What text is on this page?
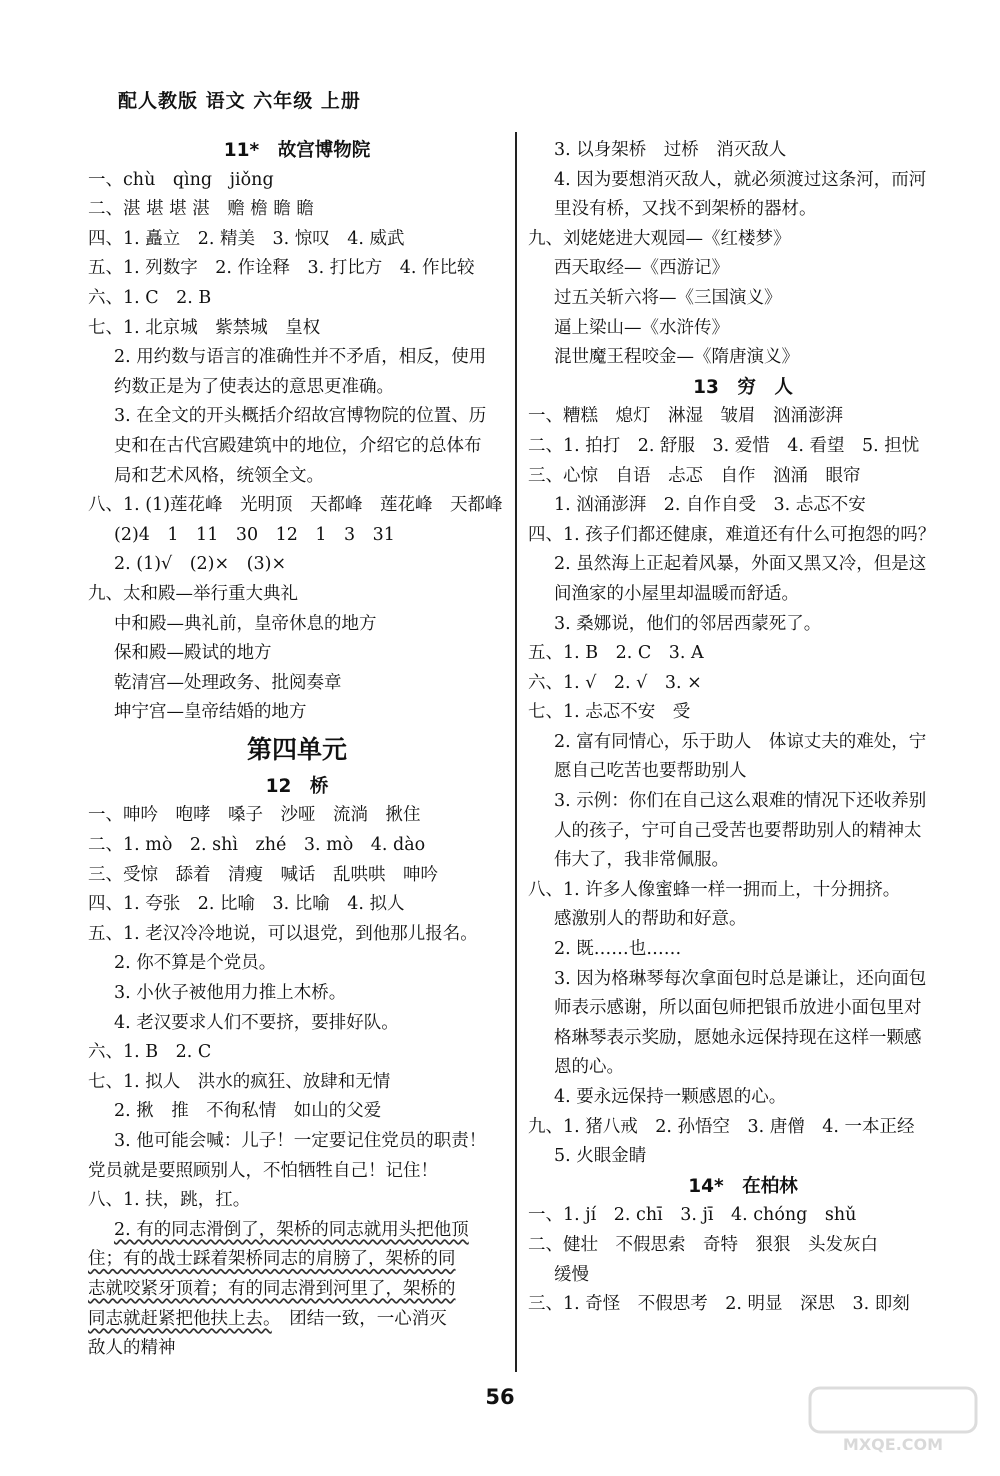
配人教版 语文 六年级 上册
11*　故宫博物院
一、chù　qìng　jiǒng
二、湛 堪 堪 湛　赡 檐 瞻 瞻
四、1. 矗立　2. 精美　3. 惊叹　4. 威武
五、1. 列数字　2. 作诠释　3. 打比方　4. 作比较
六、1. C　2. B
七、1. 北京城　紫禁城　皇权
2. 用约数与语言的准确性并不矛盾，相反，使用
约数正是为了使表达的意思更准确。
3. 在全文的开头概括介绍故宫博物院的位置、历
史和在古代宫殿建筑中的地位，介绍它的总体布
局和艺术风格，统领全文。
八、1. (1)莲花峰　光明顶　天都峰　莲花峰　天都峰
(2)4　1　11　30　12　1　3　31
2. (1)√　(2)×　(3)×
九、太和殿—举行重大典礼
中和殿—典礼前，皇帝休息的地方
保和殿—殿试的地方
乾清宫—处理政务、批阅奏章
坤宁宫—皇帝结婚的地方
第四单元
12　桥
一、呻吟　咆哮　嗓子　沙哑　流淌　揪住
二、1. mò　2. shì　zhé　3. mò　4. dào
三、受惊　舔着　清瘦　喊话　乱哄哄　呻吟
四、1. 夸张　2. 比喻　3. 比喻　4. 拟人
五、1. 老汉冷冷地说，可以退党，到他那儿报名。
2. 你不算是个党员。
3. 小伙子被他用力推上木桥。
4. 老汉要求人们不要挤，要排好队。
六、1. B　2. C
七、1. 拟人　洪水的疯狂、放肆和无情
2. 揪　推　不徇私情　如山的父爱
3. 他可能会喊：儿子！一定要记住党员的职责！
党员就是要照顾别人，不怕牺牲自己！记住！
八、1. 扶，跳，扛。
2. 有的同志滑倒了，架桥的同志就用头把他顶
住；有的战士踩着架桥同志的肩膀了，架桥的同
志就咬紧牙顶着；有的同志滑到河里了，架桥的
同志就赶紧把他扶上去。　团结一致，一心消灭
敌人的精神
3. 以身架桥　过桥　消灭敌人
4. 因为要想消灭敌人，就必须渡过这条河，而河
里没有桥，又找不到架桥的器材。
九、刘姥姥进大观园—《红楼梦》
西天取经—《西游记》
过五关斩六将—《三国演义》
逼上梁山—《水浒传》
混世魔王程咬金—《隋唐演义》
13　穷　人
一、糟糕　熄灯　淋湿　皱眉　汹涌澎湃
二、1. 拍打　2. 舒服　3. 爱惜　4. 看望　5. 担忧
三、心惊　自语　忐忑　自作　汹涌　眼帘
1. 汹涌澎湃　2. 自作自受　3. 忐忑不安
四、1. 孩子们都还健康，难道还有什么可抱怨的吗？
2. 虽然海上正起着风暴，外面又黑又冷，但是这
间渔家的小屋里却温暖而舒适。
3. 桑娜说，他们的邻居西蒙死了。
五、1. B　2. C　3. A
六、1. √　2. √　3. ×
七、1. 忐忑不安　受
2. 富有同情心，乐于助人　体谅丈夫的难处，宁
愿自己吃苦也要帮助别人
3. 示例：你们在自己这么艰难的情况下还收养别
人的孩子，宁可自己受苦也要帮助别人的精神太
伟大了，我非常佩服。
八、1. 许多人像蜜蜂一样一拥而上，十分拥挤。
感激别人的帮助和好意。
2. 既……也……
3. 因为格琳琴每次拿面包时总是谦让，还向面包
师表示感谢，所以面包师把银币放进小面包里对
格琳琴表示奖励，愿她永远保持现在这样一颗感
恩的心。
4. 要永远保持一颗感恩的心。
九、1. 猪八戒　2. 孙悟空　3. 唐僧　4. 一本正经
5. 火眼金睛
14*　在柏林
一、1. jí　2. chī　3. jī　4. chóng　shǔ
二、健壮　不假思索　奇特　狠狠　头发灰白
缓慢
三、1. 奇怪　不假思考　2. 明显　深思　3. 即刻
56
MXQE.COM
